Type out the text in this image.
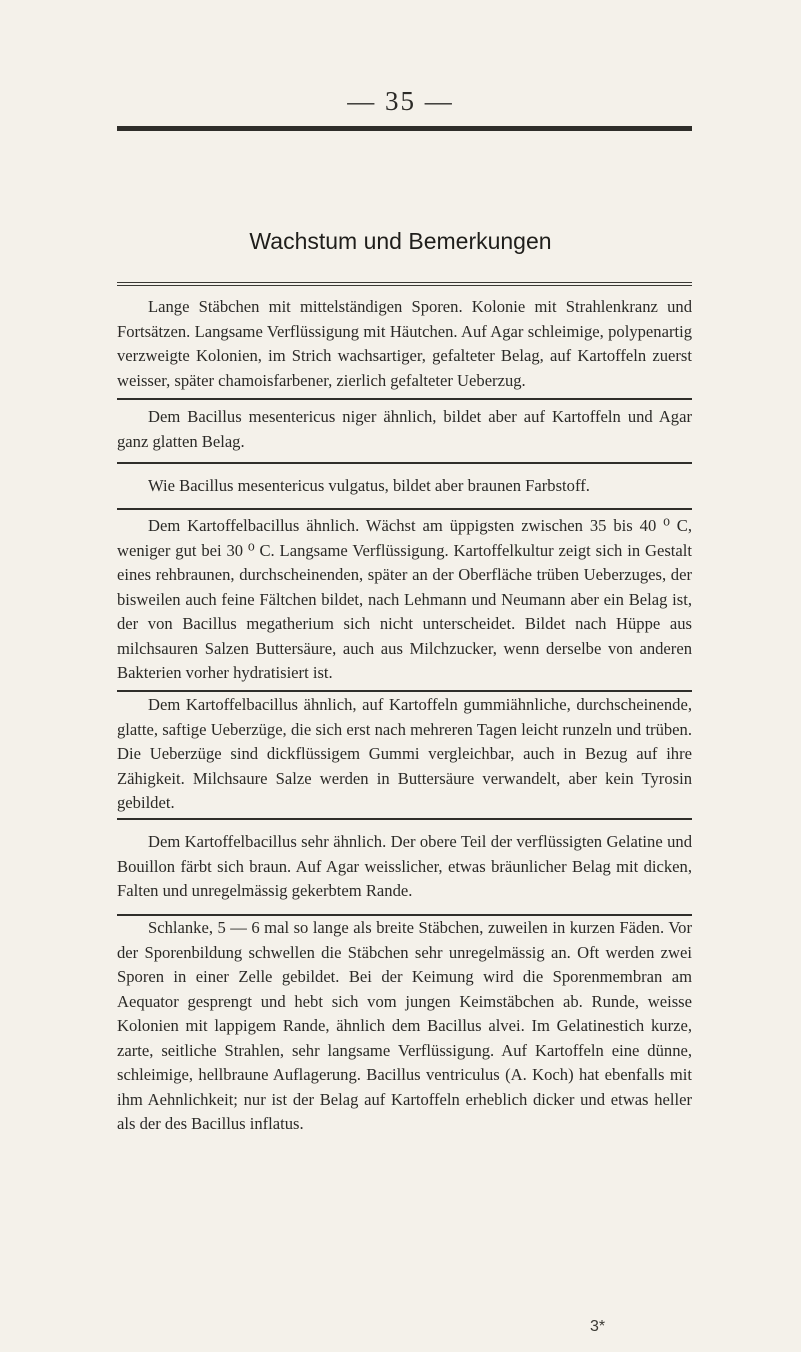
— 35 —
Wachstum und Bemerkungen

Lange Stäbchen mit mittelständigen Sporen. Kolonie mit Strahlenkranz und Fortsätzen. Langsame Verflüssigung mit Häutchen. Auf Agar schleimige, polypenartig verzweigte Kolonien, im Strich wachsartiger, gefalteter Belag, auf Kartoffeln zuerst weisser, später chamoisfarbener, zierlich gefalteter Ueberzug.

Dem Bacillus mesentericus niger ähnlich, bildet aber auf Kartoffeln und Agar ganz glatten Belag.

Wie Bacillus mesentericus vulgatus, bildet aber braunen Farbstoff.

Dem Kartoffelbacillus ähnlich. Wächst am üppigsten zwischen 35 bis 40 ⁰ C, weniger gut bei 30 ⁰ C. Langsame Verflüssigung. Kartoffelkultur zeigt sich in Gestalt eines rehbraunen, durchscheinenden, später an der Oberfläche trüben Ueberzuges, der bisweilen auch feine Fältchen bildet, nach Lehmann und Neumann aber ein Belag ist, der von Bacillus megatherium sich nicht unterscheidet. Bildet nach Hüppe aus milchsauren Salzen Buttersäure, auch aus Milchzucker, wenn derselbe von anderen Bakterien vorher hydratisiert ist.

Dem Kartoffelbacillus ähnlich, auf Kartoffeln gummiähnliche, durchscheinende, glatte, saftige Ueberzüge, die sich erst nach mehreren Tagen leicht runzeln und trüben. Die Ueberzüge sind dickflüssigem Gummi vergleichbar, auch in Bezug auf ihre Zähigkeit. Milchsaure Salze werden in Buttersäure verwandelt, aber kein Tyrosin gebildet.

Dem Kartoffelbacillus sehr ähnlich. Der obere Teil der verflüssigten Gelatine und Bouillon färbt sich braun. Auf Agar weisslicher, etwas bräunlicher Belag mit dicken, Falten und unregelmässig gekerbtem Rande.

Schlanke, 5 — 6 mal so lange als breite Stäbchen, zuweilen in kurzen Fäden. Vor der Sporenbildung schwellen die Stäbchen sehr unregelmässig an. Oft werden zwei Sporen in einer Zelle gebildet. Bei der Keimung wird die Sporenmembran am Aequator gesprengt und hebt sich vom jungen Keimstäbchen ab. Runde, weisse Kolonien mit lappigem Rande, ähnlich dem Bacillus alvei. Im Gelatinestich kurze, zarte, seitliche Strahlen, sehr langsame Verflüssigung. Auf Kartoffeln eine dünne, schleimige, hellbraune Auflagerung. Bacillus ventriculus (A. Koch) hat ebenfalls mit ihm Aehnlichkeit; nur ist der Belag auf Kartoffeln erheblich dicker und etwas heller als der des Bacillus inflatus.

3*
